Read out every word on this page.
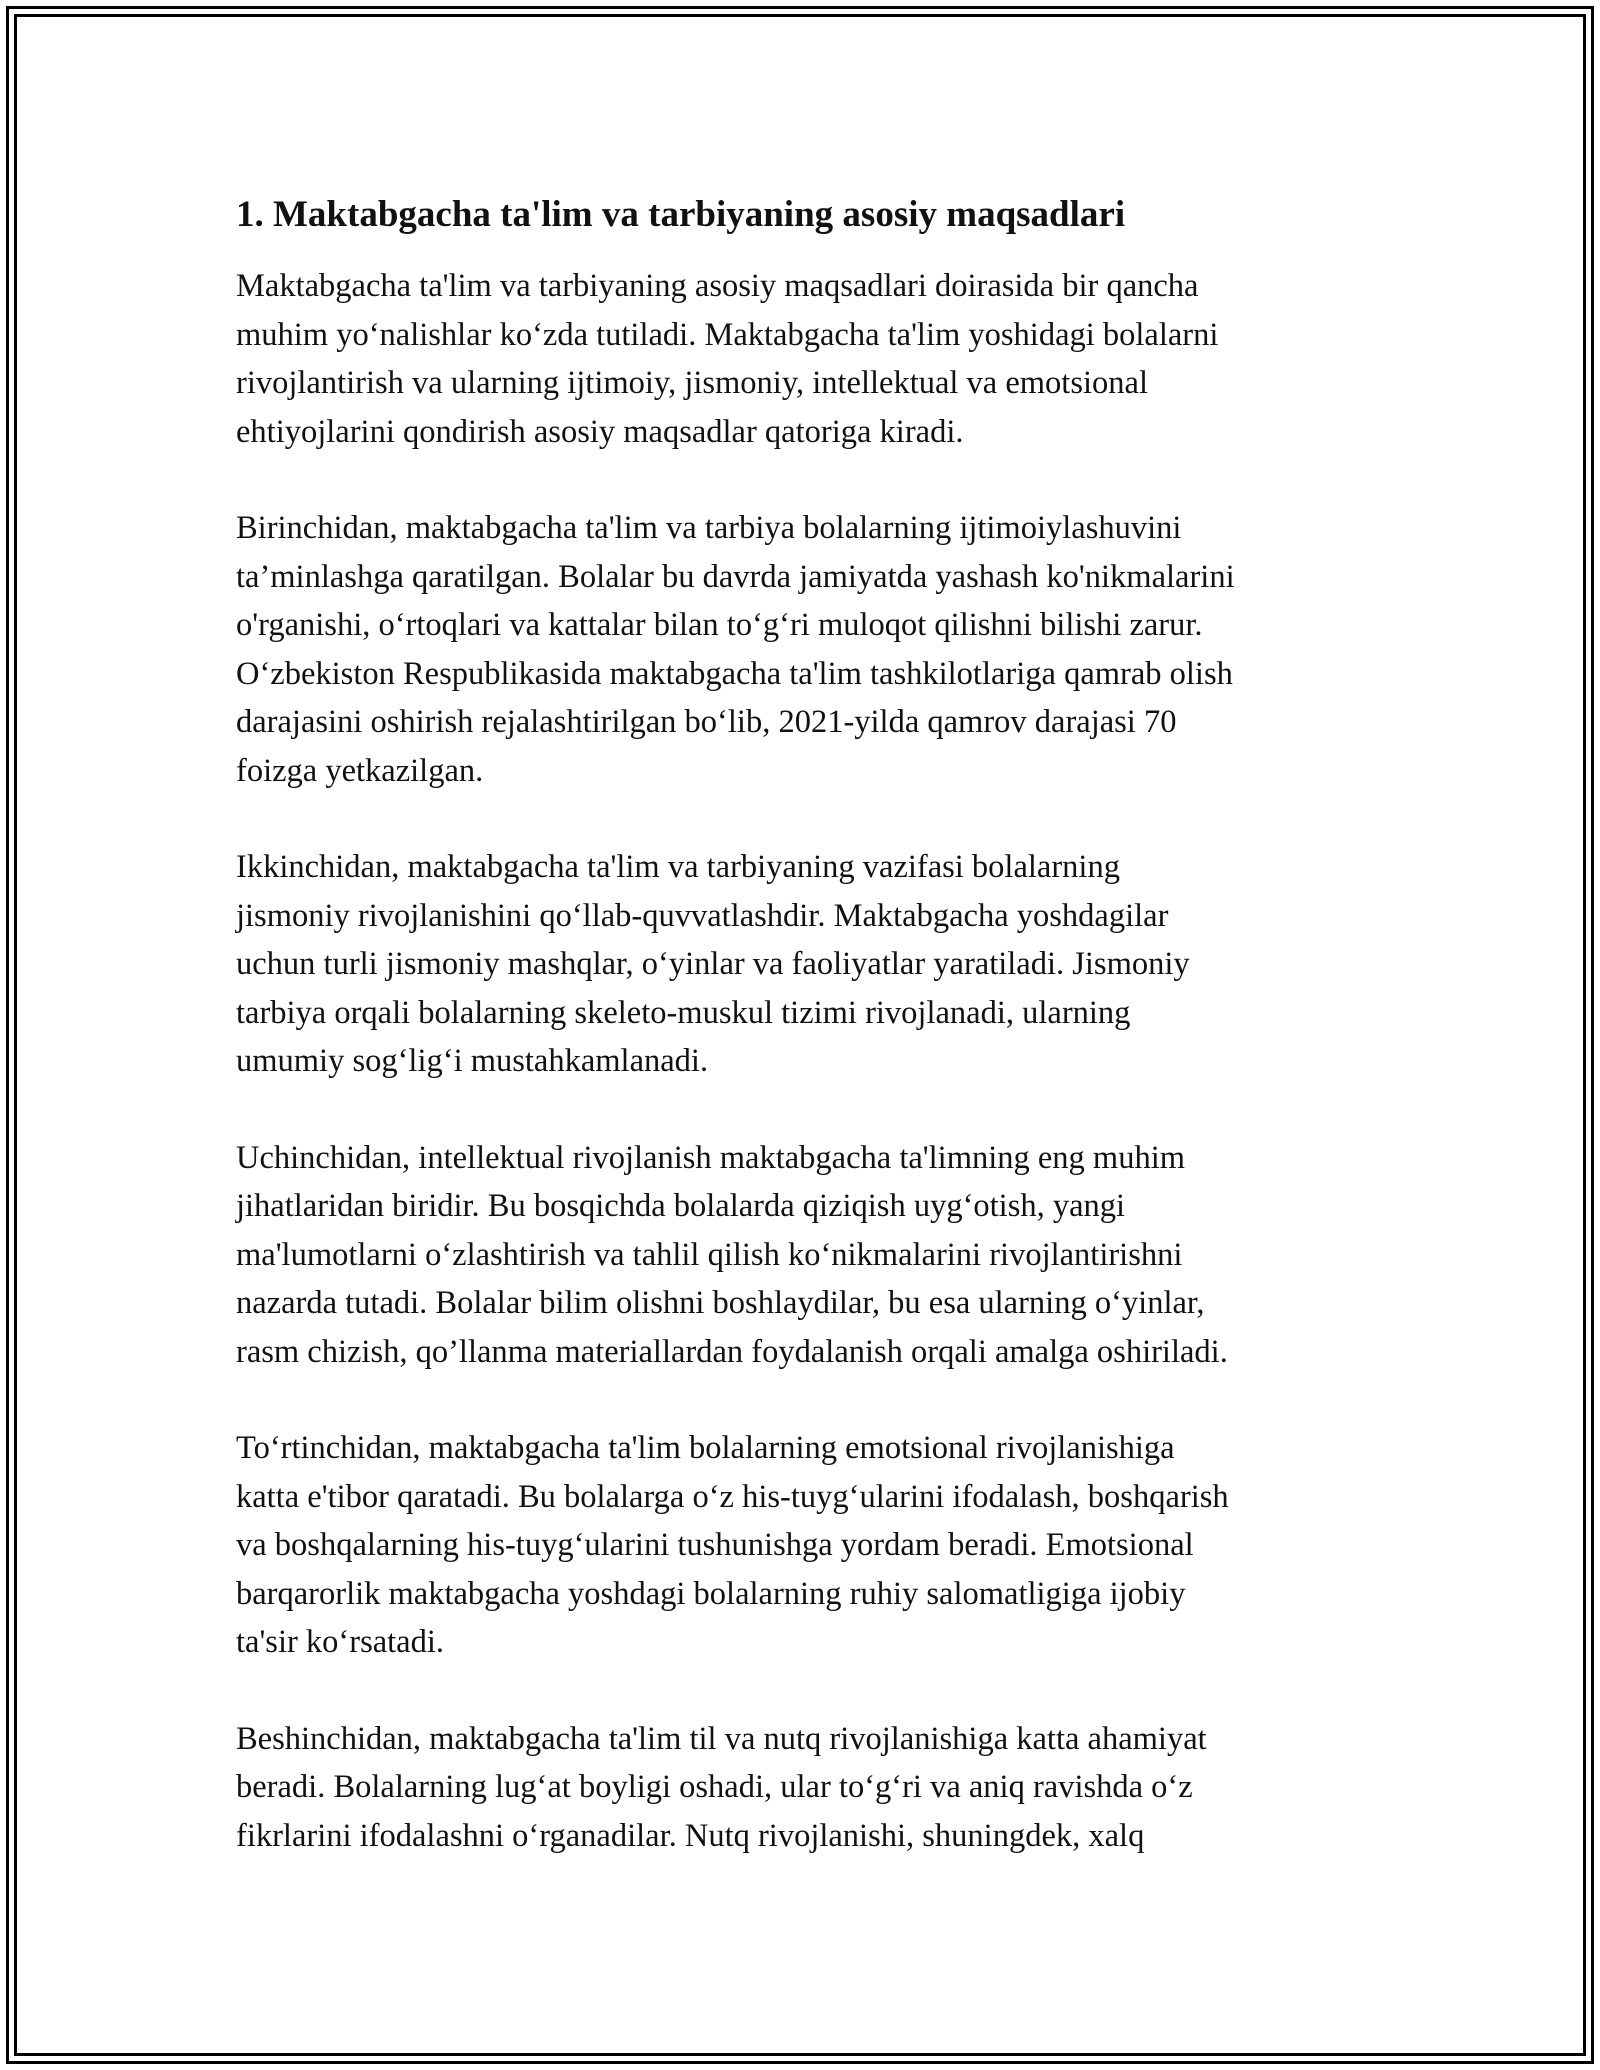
1. Maktabgacha ta'lim va tarbiyaning asosiy maqsadlari
Maktabgacha ta'lim va tarbiyaning asosiy maqsadlari doirasida bir qancha
muhim yo‘nalishlar ko‘zda tutiladi. Maktabgacha ta'lim yoshidagi bolalarni
rivojlantirish va ularning ijtimoiy, jismoniy, intellektual va emotsional
ehtiyojlarini qondirish asosiy maqsadlar qatoriga kiradi.
Birinchidan, maktabgacha ta'lim va tarbiya bolalarning ijtimoiylashuvini
ta’minlashga qaratilgan. Bolalar bu davrda jamiyatda yashash ko'nikmalarini
o'rganishi, o‘rtoqlari va kattalar bilan to‘g‘ri muloqot qilishni bilishi zarur.
O‘zbekiston Respublikasida maktabgacha ta'lim tashkilotlariga qamrab olish
darajasini oshirish rejalashtirilgan bo‘lib, 2021-yilda qamrov darajasi 70
foizga yetkazilgan.
Ikkinchidan, maktabgacha ta'lim va tarbiyaning vazifasi bolalarning
jismoniy rivojlanishini qo‘llab-quvvatlashdir. Maktabgacha yoshdagilar
uchun turli jismoniy mashqlar, o‘yinlar va faoliyatlar yaratiladi. Jismoniy
tarbiya orqali bolalarning skeleto-muskul tizimi rivojlanadi, ularning
umumiy sog‘lig‘i mustahkamlanadi.
Uchinchidan, intellektual rivojlanish maktabgacha ta'limning eng muhim
jihatlaridan biridir. Bu bosqichda bolalarda qiziqish uyg‘otish, yangi
ma'lumotlarni o‘zlashtirish va tahlil qilish ko‘nikmalarini rivojlantirishni
nazarda tutadi. Bolalar bilim olishni boshlaydilar, bu esa ularning o‘yinlar,
rasm chizish, qo’llanma materiallardan foydalanish orqali amalga oshiriladi.
To‘rtinchidan, maktabgacha ta'lim bolalarning emotsional rivojlanishiga
katta e'tibor qaratadi. Bu bolalarga o‘z his-tuyg‘ularini ifodalash, boshqarish
va boshqalarning his-tuyg‘ularini tushunishga yordam beradi. Emotsional
barqarorlik maktabgacha yoshdagi bolalarning ruhiy salomatligiga ijobiy
ta'sir ko‘rsatadi.
Beshinchidan, maktabgacha ta'lim til va nutq rivojlanishiga katta ahamiyat
beradi. Bolalarning lug‘at boyligi oshadi, ular to‘g‘ri va aniq ravishda o‘z
fikrlarini ifodalashni o‘rganadilar. Nutq rivojlanishi, shuningdek, xalq
